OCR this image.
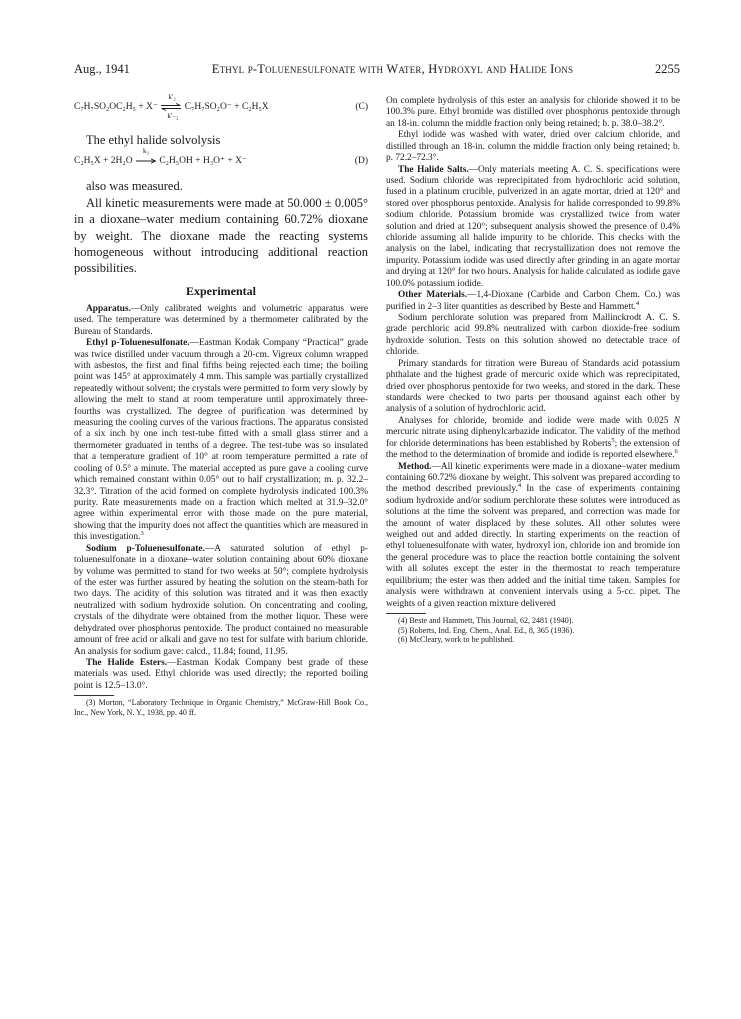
Aug., 1941	Ethyl p-Toluenesulfonate with Water, Hydroxyl and Halide Ions	2255
C₇H₇SO₂OC₂H₅ + X⁻
k′₂
k′₋₂
C₇H₇SO₂O⁻ + C₂H₅X	(C)

The ethyl halide solvolysis

C₂H₅X + 2H₂O
k₃
C₂H₅OH + H₃O⁺ + X⁻	(D)

also was measured.

All kinetic measurements were made at 50.000 ± 0.005° in a dioxane–water medium containing 60.72% dioxane by weight. The dioxane made the reacting systems homogeneous without introducing additional reaction possibilities.

Experimental

Apparatus.—Only calibrated weights and volumetric apparatus were used. The temperature was determined by a thermometer calibrated by the Bureau of Standards.

Ethyl p-Toluenesulfonate.—Eastman Kodak Company “Practical” grade was twice distilled under vacuum through a 20-cm. Vigreux column wrapped with asbestos, the first and final fifths being rejected each time; the boiling point was 145° at approximately 4 mm. This sample was partially crystallized repeatedly without solvent; the crystals were permitted to form very slowly by allowing the melt to stand at room temperature until approximately three-fourths was crystallized. The degree of purification was determined by measuring the cooling curves of the various fractions. The apparatus consisted of a six inch by one inch test-tube fitted with a small glass stirrer and a thermometer graduated in tenths of a degree. The test-tube was so insulated that a temperature gradient of 10° at room temperature permitted a rate of cooling of 0.5° a minute. The material accepted as pure gave a cooling curve which remained constant within 0.05° out to half crystallization; m. p. 32.2–32.3°. Titration of the acid formed on complete hydrolysis indicated 100.3% purity. Rate measurements made on a fraction which melted at 31.9–32.0° agree within experimental error with those made on the pure material, showing that the impurity does not affect the quantities which are measured in this investigation.$^3$

Sodium p-Toluenesulfonate.—A saturated solution of ethyl p-toluenesulfonate in a dioxane–water solution containing about 60% dioxane by volume was permitted to stand for two weeks at 50°; complete hydrolysis of the ester was further assured by heating the solution on the steam-bath for two days. The acidity of this solution was titrated and it was then exactly neutralized with sodium hydroxide solution. On concentrating and cooling, crystals of the dihydrate were obtained from the mother liquor. These were dehydrated over phosphorus pentoxide. The product contained no measurable amount of free acid or alkali and gave no test for sulfate with barium chloride. An analysis for sodium gave: calcd., 11.84; found, 11.95.

The Halide Esters.—Eastman Kodak Company best grade of these materials was used. Ethyl chloride was used directly; the reported boiling point is 12.5–13.0°.

(3) Morton, “Laboratory Technique in Organic Chemistry,” McGraw-Hill Book Co., Inc., New York, N. Y., 1938, pp. 40 ff.

On complete hydrolysis of this ester an analysis for chloride showed it to be 100.3% pure. Ethyl bromide was distilled over phosphorus pentoxide through an 18-in. column the middle fraction only being retained; b. p. 38.0–38.2°.

Ethyl iodide was washed with water, dried over calcium chloride, and distilled through an 18-in. column the middle fraction only being retained; b. p. 72.2–72.3°.

The Halide Salts.—Only materials meeting A. C. S. specifications were used. Sodium chloride was reprecipitated from hydrochloric acid solution, fused in a platinum crucible, pulverized in an agate mortar, dried at 120° and stored over phosphorus pentoxide. Analysis for halide corresponded to 99.8% sodium chloride. Potassium bromide was crystallized twice from water solution and dried at 120°; subsequent analysis showed the presence of 0.4% chloride assuming all halide impurity to be chloride. This checks with the analysis on the label, indicating that recrystallization does not remove the impurity. Potassium iodide was used directly after grinding in an agate mortar and drying at 120° for two hours. Analysis for halide calculated as iodide gave 100.0% potassium iodide.

Other Materials.—1,4-Dioxane (Carbide and Carbon Chem. Co.) was purified in 2–3 liter quantities as described by Beste and Hammett.$^4$

Sodium perchlorate solution was prepared from Mallinckrodt A. C. S. grade perchloric acid 99.8% neutralized with carbon dioxide-free sodium hydroxide solution. Tests on this solution showed no detectable trace of chloride.

Primary standards for titration were Bureau of Standards acid potassium phthalate and the highest grade of mercuric oxide which was reprecipitated, dried over phosphorus pentoxide for two weeks, and stored in the dark. These standards were checked to two parts per thousand against each other by analysis of a solution of hydrochloric acid.

Analyses for chloride, bromide and iodide were made with 0.025 N mercuric nitrate using diphenylcarbazide indicator. The validity of the method for chloride determinations has been established by Roberts$^5$; the extension of the method to the determination of bromide and iodide is reported elsewhere.$^6$

Method.—All kinetic experiments were made in a dioxane–water medium containing 60.72% dioxane by weight. This solvent was prepared according to the method described previously.$^4$ In the case of experiments containing sodium hydroxide and/or sodium perchlorate these solutes were introduced as solutions at the time the solvent was prepared, and correction was made for the amount of water displaced by these solutes. All other solutes were weighed out and added directly. In starting experiments on the reaction of ethyl toluenesulfonate with water, hydroxyl ion, chloride ion and bromide ion the general procedure was to place the reaction bottle containing the solvent with all solutes except the ester in the thermostat to reach temperature equilibrium; the ester was then added and the initial time taken. Samples for analysis were withdrawn at convenient intervals using a 5-cc. pipet. The weights of a given reaction mixture delivered

(4) Beste and Hammett, This Journal, 62, 2481 (1940).

(5) Roberts, Ind. Eng. Chem., Anal. Ed., 8, 365 (1936).

(6) McCleary, work to be published.
